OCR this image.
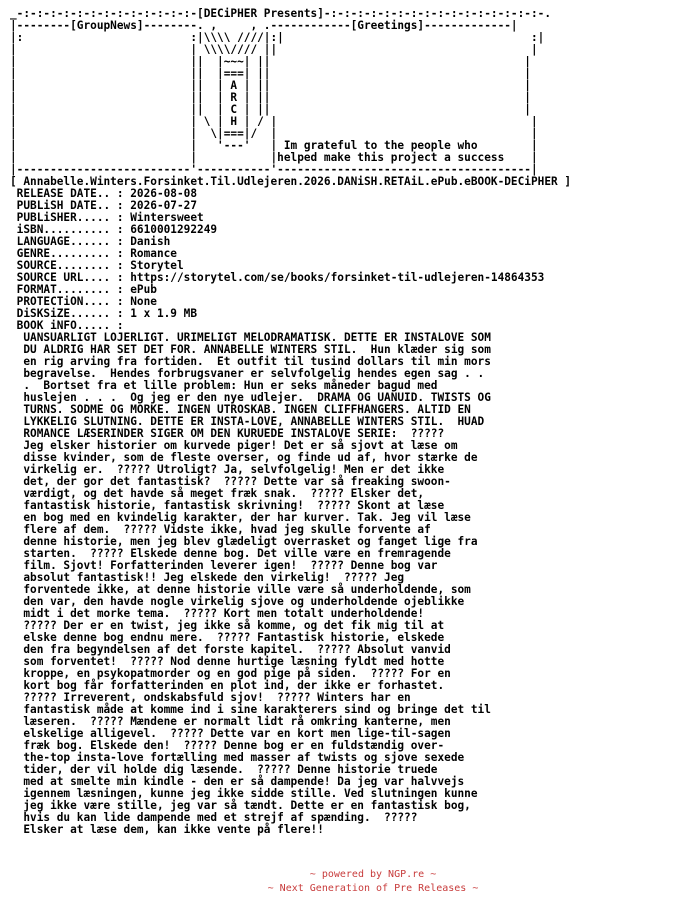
_-:-:-:-:-:-:-:-:-:-:-:-:-:-[DECiPHER Presents]-:-:-:-:-:-:-:-:-:-:-:-:-:-:-:-:-.
|--------[GroupNews]--------. ,     , .------------[Greetings]-------------|
|:                         :|\\\\ ////|:|                                     :|
|                          | \\\\//// ||                                      |
|                          ||  |~~~| ||                                      |
|                          ||  |===| ||                                      |
|                          ||  | A | ||                                      |
|                          ||  | R | ||                                      |
|                          ||  | C | ||                                      |
|                          | \ | H | / |                                      |
|                          |  \|===|/  |                                      |
|                          |   '---'   | Im grateful to the people who        |
|                          |           |helped make this project a success    |
|--------------------------'-----------'--------------------------------------|
[ Annabelle.Winters.Forsinket.Til.Udlejeren.2026.DANiSH.RETAiL.ePub.eBOOK-DECiPHER ]
RELEASE DATE.. : 2026-08-08
PUBLiSH DATE.. : 2026-07-27
PUBLiSHER..... : Wintersweet
iSBN.......... : 6610001292249
LANGUAGE...... : Danish
GENRE......... : Romance
SOURCE........ : Storytel
SOURCE URL.... : https://storytel.com/se/books/forsinket-til-udlejeren-14864353
FORMAT........ : ePub
PROTECTiON.... : None
DiSKSiZE...... : 1 x 1.9 MB
BOOK iNFO..... :
UANSUARLIGT LOJERLIGT. URIMELIGT MELODRAMATISK. DETTE ER INSTALOVE SOM
DU ALDRIG HAR SET DET FOR. ANNABELLE WINTERS STIL.  Hun klæder sig som
en rig arving fra fortiden.  Et outfit til tusind dollars til min mors
begravelse.  Hendes forbrugsvaner er selvfolgelig hendes egen sag . .
.  Bortset fra et lille problem: Hun er seks måneder bagud med
huslejen . . .  Og jeg er den nye udlejer.  DRAMA OG UANUID. TWISTS OG
TURNS. SODME OG MORKE. INGEN UTROSKAB. INGEN CLIFFHANGERS. ALTID EN
LYKKELIG SLUTNING. DETTE ER INSTA-LOVE, ANNABELLE WINTERS STIL.  HUAD
ROMANCE LÆSERINDER SIGER OM DEN KURUEDE INSTALOVE SERIE:  ?????
Jeg elsker historier om kurvede piger! Det er så sjovt at læse om
disse kvinder, som de fleste overser, og finde ud af, hvor stærke de
virkelig er.  ????? Utroligt? Ja, selvfolgelig! Men er det ikke
det, der gor det fantastisk?  ????? Dette var så freaking swoon-
værdigt, og det havde så meget fræk snak.  ????? Elsker det,
fantastisk historie, fantastisk skrivning!  ????? Skont at læse
en bog med en kvindelig karakter, der har kurver. Tak. Jeg vil læse
flere af dem.  ????? Vidste ikke, hvad jeg skulle forvente af
denne historie, men jeg blev glædeligt overrasket og fanget lige fra
starten.  ????? Elskede denne bog. Det ville være en fremragende
film. Sjovt! Forfatterinden leverer igen!  ????? Denne bog var
absolut fantastisk!! Jeg elskede den virkelig!  ????? Jeg
forventede ikke, at denne historie ville være så underholdende, som
den var, den havde nogle virkelig sjove og underholdende ojeblikke
midt i det morke tema.  ????? Kort men totalt underholdende!
????? Der er en twist, jeg ikke så komme, og det fik mig til at
elske denne bog endnu mere.  ????? Fantastisk historie, elskede
den fra begyndelsen af det forste kapitel.  ????? Absolut vanvid
som forventet!  ????? Nod denne hurtige læsning fyldt med hotte
kroppe, en psykopatmorder og en god pige på siden.  ????? For en
kort bog får forfatterinden en plot ind, der ikke er forhastet.
????? Irreverent, ondskabsfuld sjov!  ????? Winters har en
fantastisk måde at komme ind i sine karakterers sind og bringe det til
læseren.  ????? Mændene er normalt lidt rå omkring kanterne, men
elskelige alligevel.  ????? Dette var en kort men lige-til-sagen
fræk bog. Elskede den!  ????? Denne bog er en fuldstændig over-
the-top insta-love fortælling med masser af twists og sjove sexede
tider, der vil holde dig læsende.  ????? Denne historie truede
med at smelte min kindle - den er så dampende! Da jeg var halvvejs
igennem læsningen, kunne jeg ikke sidde stille. Ved slutningen kunne
jeg ikke være stille, jeg var så tændt. Dette er en fantastisk bog,
hvis du kan lide dampende med et strejf af spænding.  ?????
Elsker at læse dem, kan ikke vente på flere!!
~ powered by NGP.re ~
~ Next Generation of Pre Releases ~
